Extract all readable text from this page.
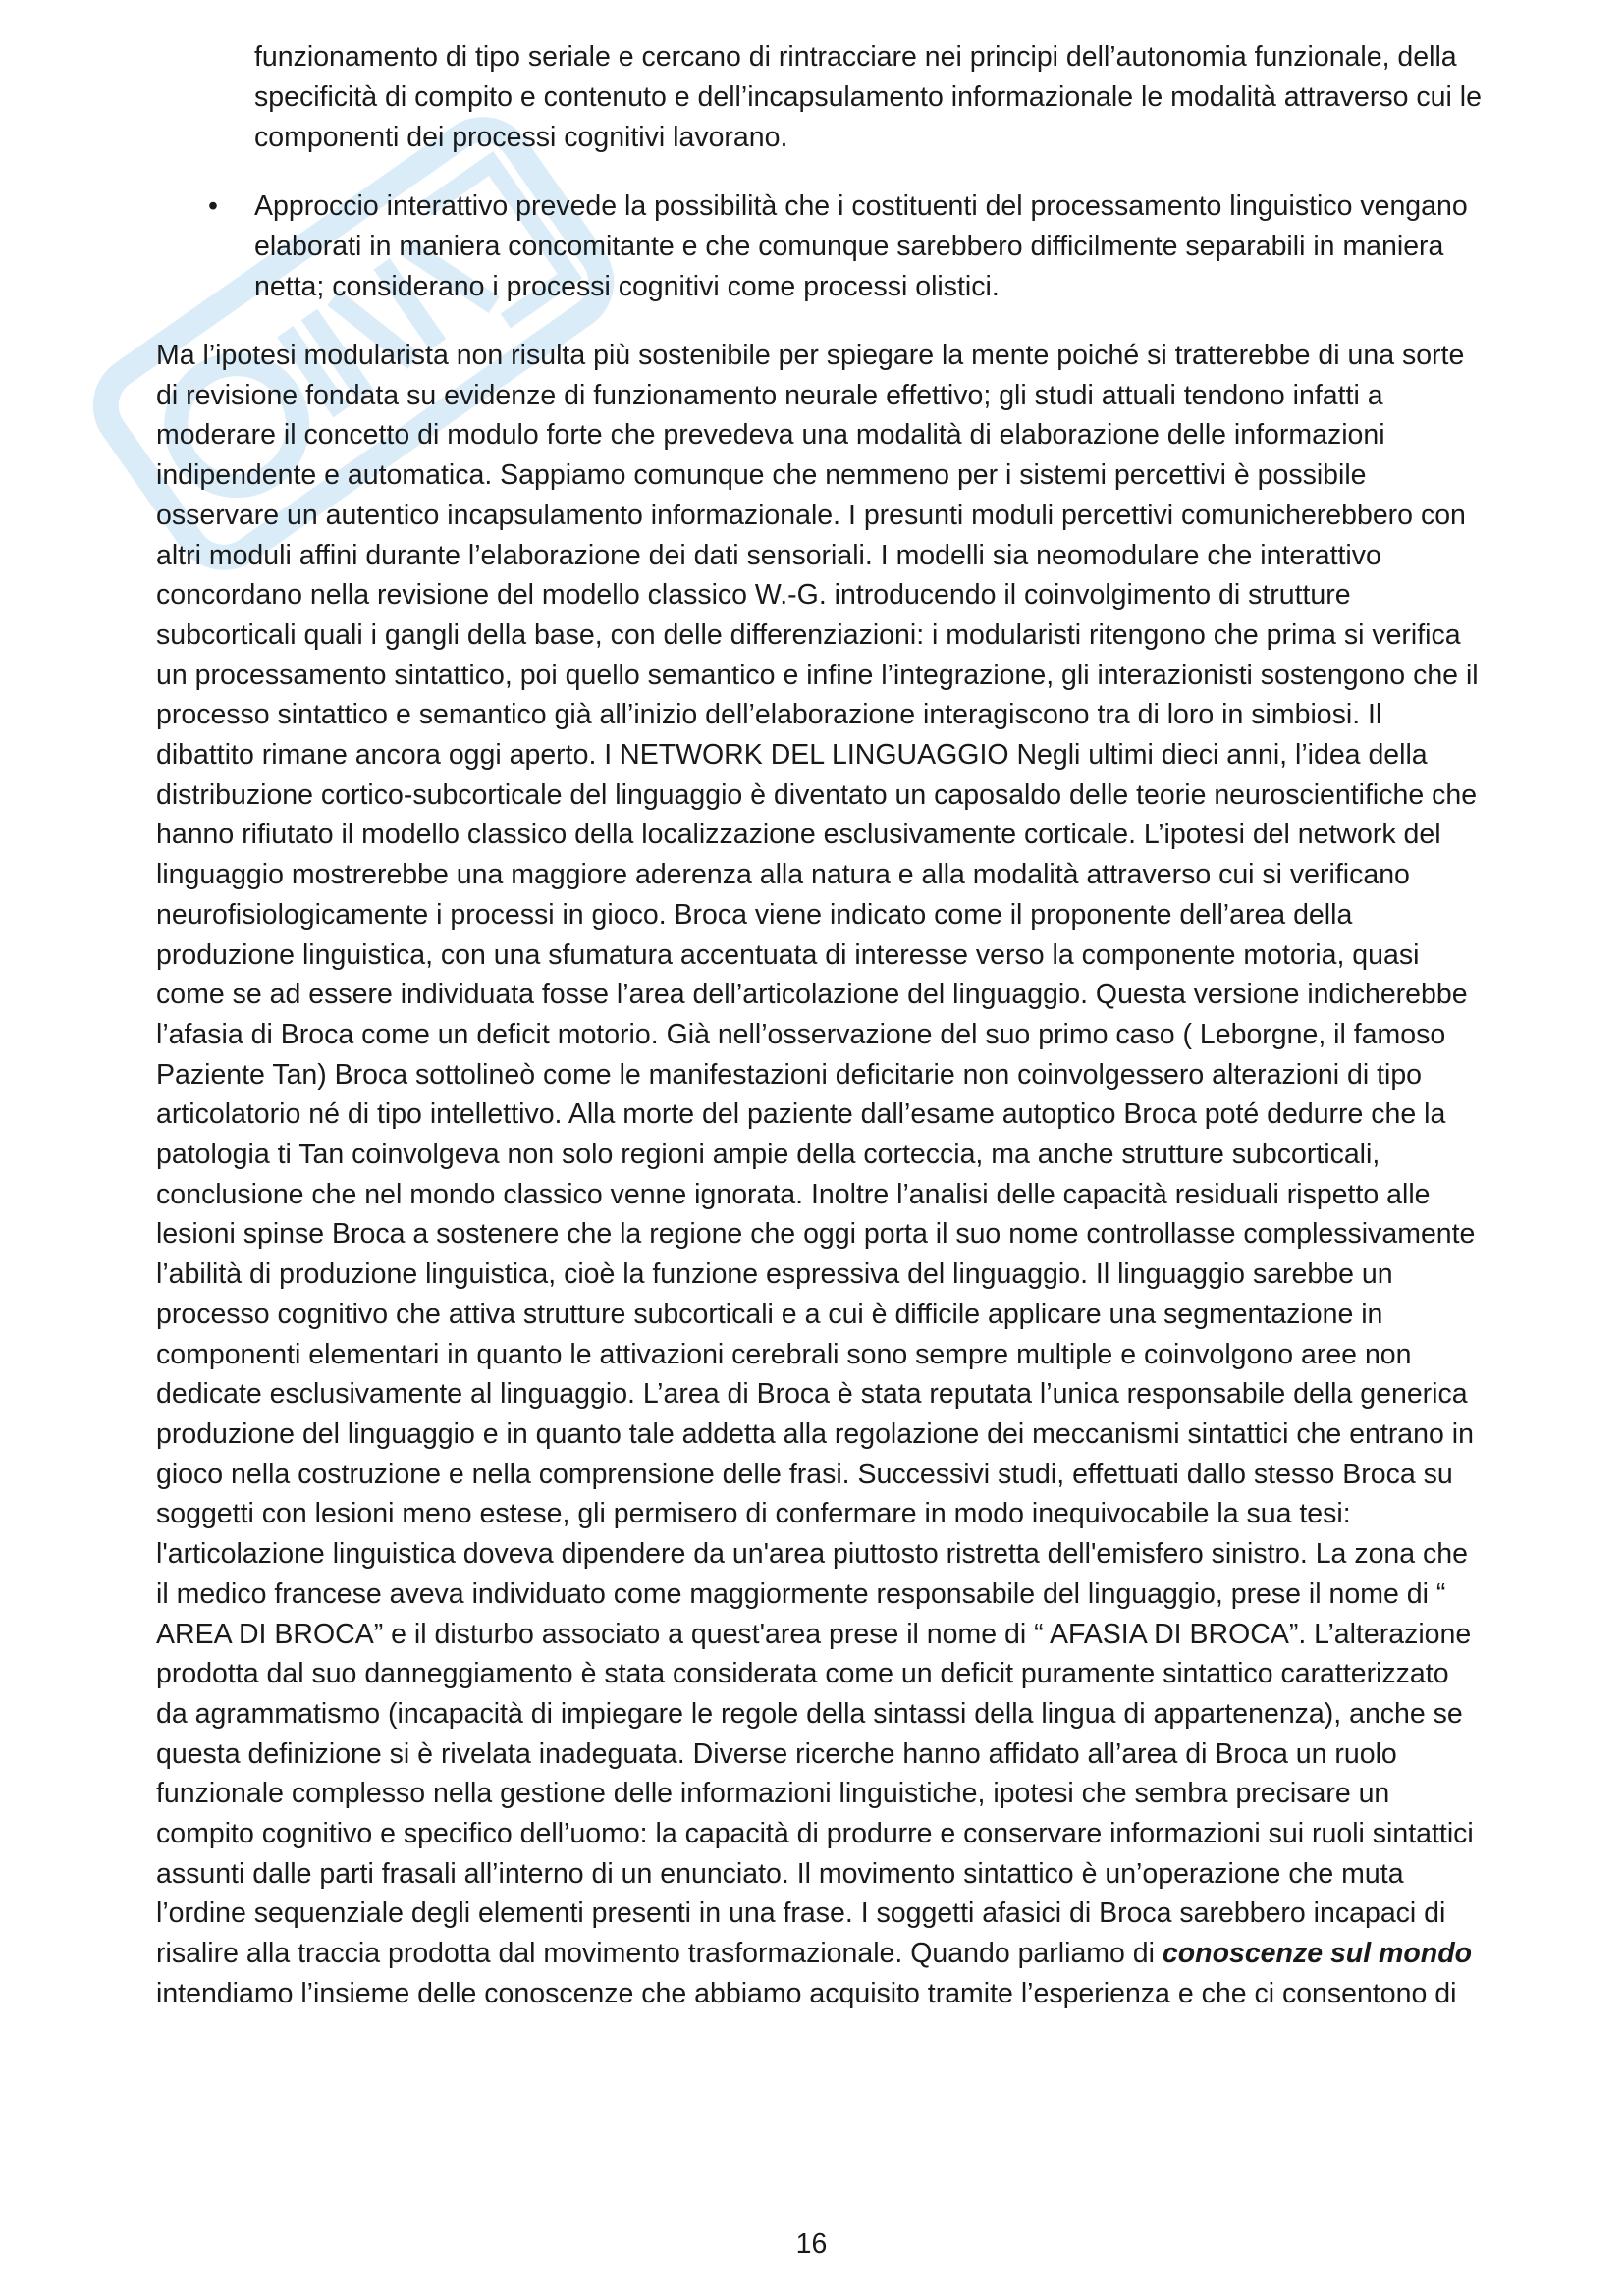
funzionamento di tipo seriale e cercano di rintracciare nei principi dell’autonomia funzionale, della specificità di compito e contenuto e dell’incapsulamento informazionale le modalità attraverso cui le componenti dei processi cognitivi lavorano.

• Approccio interattivo prevede la possibilità che i costituenti del processamento linguistico vengano elaborati in maniera concomitante e che comunque sarebbero difficilmente separabili in maniera netta; considerano i processi cognitivi come processi olistici.

Ma l’ipotesi modularista non risulta più sostenibile per spiegare la mente poiché si tratterebbe di una sorte di revisione fondata su evidenze di funzionamento neurale effettivo; gli studi attuali tendono infatti a moderare il concetto di modulo forte che prevedeva una modalità di elaborazione delle informazioni indipendente e automatica. Sappiamo comunque che nemmeno per i sistemi percettivi è possibile osservare un autentico incapsulamento informazionale. I presunti moduli percettivi comunicherebbero con altri moduli affini durante l’elaborazione dei dati sensoriali. I modelli sia neomodulare che interattivo concordano nella revisione del modello classico W.-G. introducendo il coinvolgimento di strutture subcorticali quali i gangli della base, con delle differenziazioni: i modularisti ritengono che prima si verifica un processamento sintattico, poi quello semantico e infine l’integrazione, gli interazionisti sostengono che il processo sintattico e semantico già all’inizio dell’elaborazione interagiscono tra di loro in simbiosi. Il dibattito rimane ancora oggi aperto. I NETWORK DEL LINGUAGGIO Negli ultimi dieci anni, l’idea della distribuzione cortico-subcorticale del linguaggio è diventato un caposaldo delle teorie neuroscientifiche che hanno rifiutato il modello classico della localizzazione esclusivamente corticale. L’ipotesi del network del linguaggio mostrerebbe una maggiore aderenza alla natura e alla modalità attraverso cui si verificano neurofisiologicamente i processi in gioco. Broca viene indicato come il proponente dell’area della produzione linguistica, con una sfumatura accentuata di interesse verso la componente motoria, quasi come se ad essere individuata fosse l’area dell’articolazione del linguaggio. Questa versione indicherebbe l’afasia di Broca come un deficit motorio. Già nell’osservazione del suo primo caso ( Leborgne, il famoso Paziente Tan) Broca sottolineò come le manifestazioni deficitarie non coinvolgessero alterazioni di tipo articolatorio né di tipo intellettivo. Alla morte del paziente dall’esame autoptico Broca poté dedurre che la patologia ti Tan coinvolgeva non solo regioni ampie della corteccia, ma anche strutture subcorticali, conclusione che nel mondo classico venne ignorata. Inoltre l’analisi delle capacità residuali rispetto alle lesioni spinse Broca a sostenere che la regione che oggi porta il suo nome controllasse complessivamente l’abilità di produzione linguistica, cioè la funzione espressiva del linguaggio. Il linguaggio sarebbe un processo cognitivo che attiva strutture subcorticali e a cui è difficile applicare una segmentazione in componenti elementari in quanto le attivazioni cerebrali sono sempre multiple e coinvolgono aree non dedicate esclusivamente al linguaggio. L’area di Broca è stata reputata l’unica responsabile della generica produzione del linguaggio e in quanto tale addetta alla regolazione dei meccanismi sintattici che entrano in gioco nella costruzione e nella comprensione delle frasi. Successivi studi, effettuati dallo stesso Broca su soggetti con lesioni meno estese, gli permisero di confermare in modo inequivocabile la sua tesi: l'articolazione linguistica doveva dipendere da un'area piuttosto ristretta dell'emisfero sinistro. La zona che il medico francese aveva individuato come maggiormente responsabile del linguaggio, prese il nome di “ AREA DI BROCA” e il disturbo associato a quest'area prese il nome di “ AFASIA DI BROCA”. L’alterazione prodotta dal suo danneggiamento è stata considerata come un deficit puramente sintattico caratterizzato da agrammatismo (incapacità di impiegare le regole della sintassi della lingua di appartenenza), anche se questa definizione si è rivelata inadeguata. Diverse ricerche hanno affidato all’area di Broca un ruolo funzionale complesso nella gestione delle informazioni linguistiche, ipotesi che sembra precisare un compito cognitivo e specifico dell’uomo: la capacità di produrre e conservare informazioni sui ruoli sintattici assunti dalle parti frasali all’interno di un enunciato. Il movimento sintattico è un’operazione che muta l’ordine sequenziale degli elementi presenti in una frase. I soggetti afasici di Broca sarebbero incapaci di risalire alla traccia prodotta dal movimento trasformazionale. Quando parliamo di conoscenze sul mondo intendiamo l’insieme delle conoscenze che abbiamo acquisito tramite l’esperienza e che ci consentono di

16
